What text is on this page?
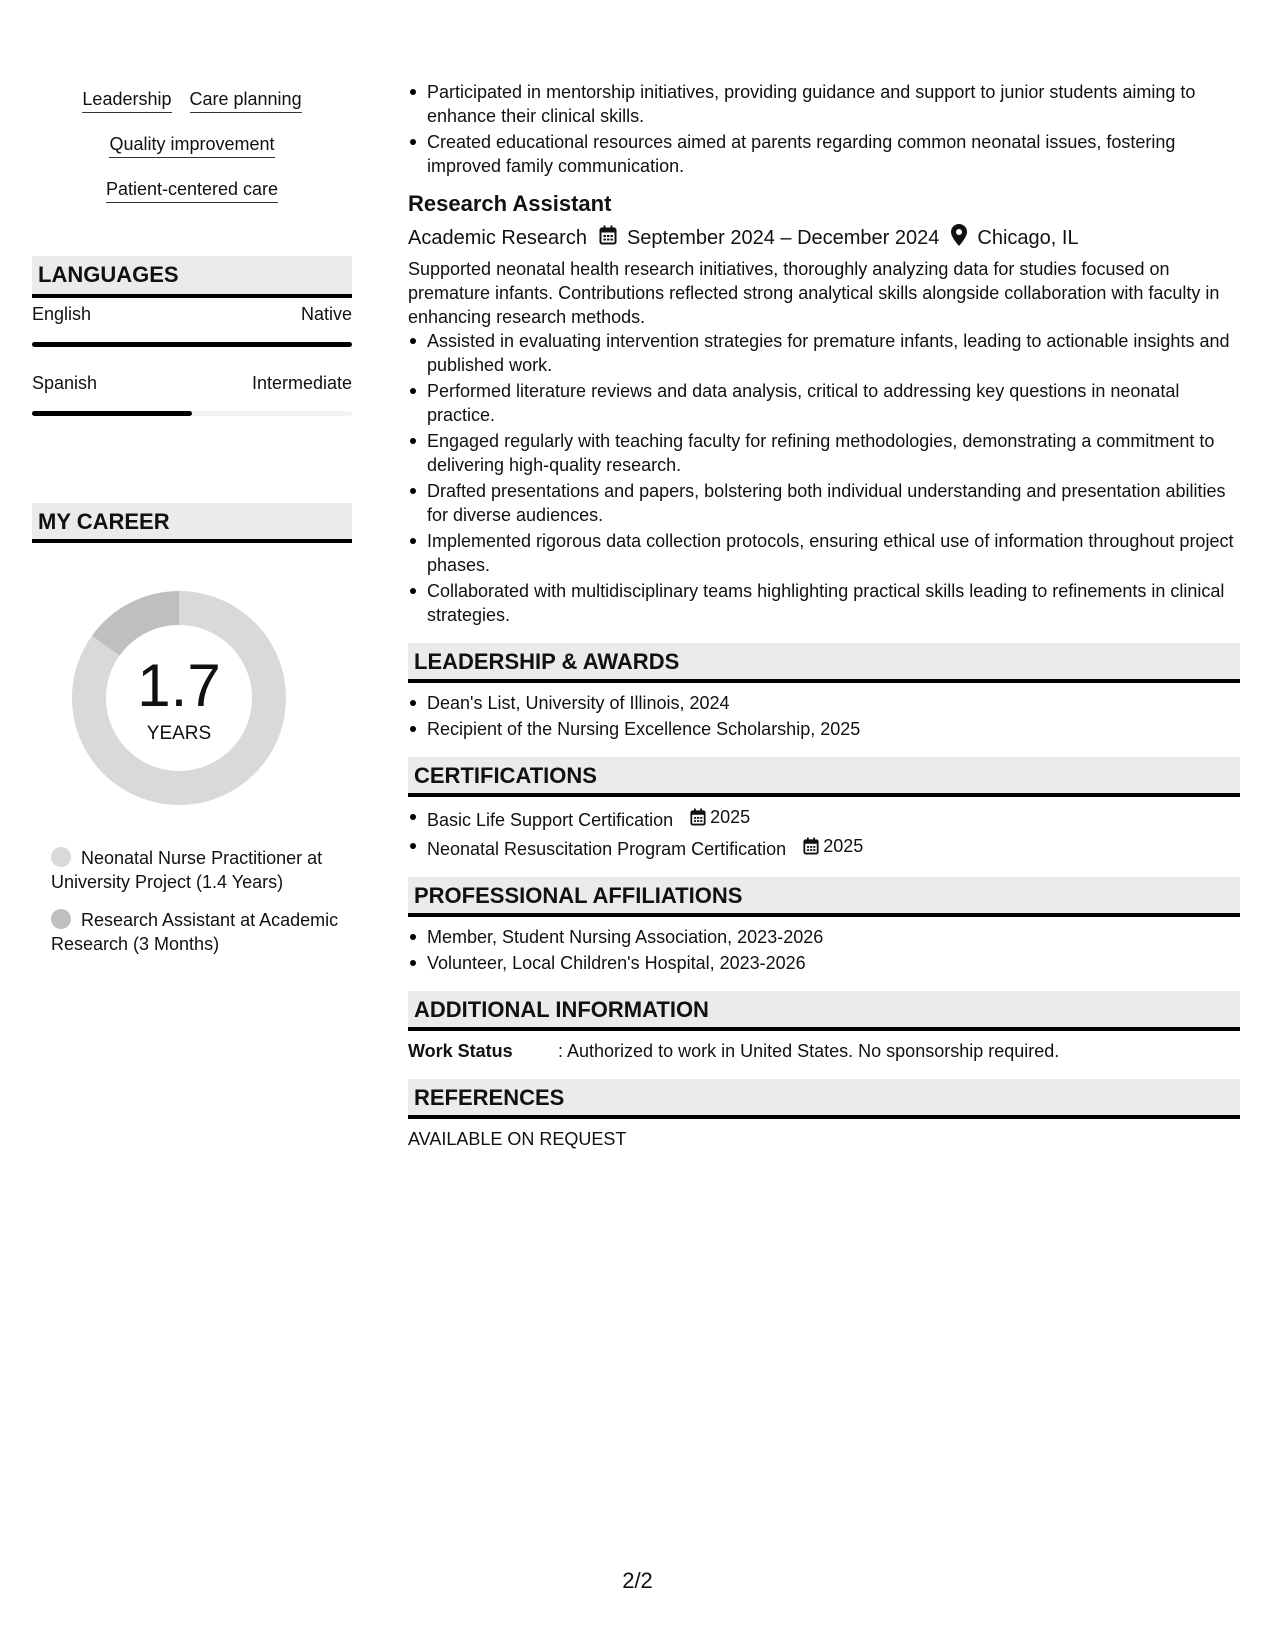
Leadership Care planning
Quality improvement
Patient-centered care
LANGUAGES
English	Native
Spanish	Intermediate
MY CAREER
1.7
YEARS
Neonatal Nurse Practitioner at University Project (1.4 Years)
Research Assistant at Academic Research (3 Months)
Participated in mentorship initiatives, providing guidance and support to junior students aiming to enhance their clinical skills.
Created educational resources aimed at parents regarding common neonatal issues, fostering improved family communication.
Research Assistant
Academic Research September 2024 – December 2024 Chicago, IL
Supported neonatal health research initiatives, thoroughly analyzing data for studies focused on premature infants. Contributions reflected strong analytical skills alongside collaboration with faculty in enhancing research methods.
Assisted in evaluating intervention strategies for premature infants, leading to actionable insights and published work.
Performed literature reviews and data analysis, critical to addressing key questions in neonatal practice.
Engaged regularly with teaching faculty for refining methodologies, demonstrating a commitment to delivering high-quality research.
Drafted presentations and papers, bolstering both individual understanding and presentation abilities for diverse audiences.
Implemented rigorous data collection protocols, ensuring ethical use of information throughout project phases.
Collaborated with multidisciplinary teams highlighting practical skills leading to refinements in clinical strategies.
LEADERSHIP & AWARDS
Dean's List, University of Illinois, 2024
Recipient of the Nursing Excellence Scholarship, 2025
CERTIFICATIONS
Basic Life Support Certification 2025
Neonatal Resuscitation Program Certification 2025
PROFESSIONAL AFFILIATIONS
Member, Student Nursing Association, 2023-2026
Volunteer, Local Children's Hospital, 2023-2026
ADDITIONAL INFORMATION
Work Status	: Authorized to work in United States. No sponsorship required.
REFERENCES
AVAILABLE ON REQUEST
2/2
